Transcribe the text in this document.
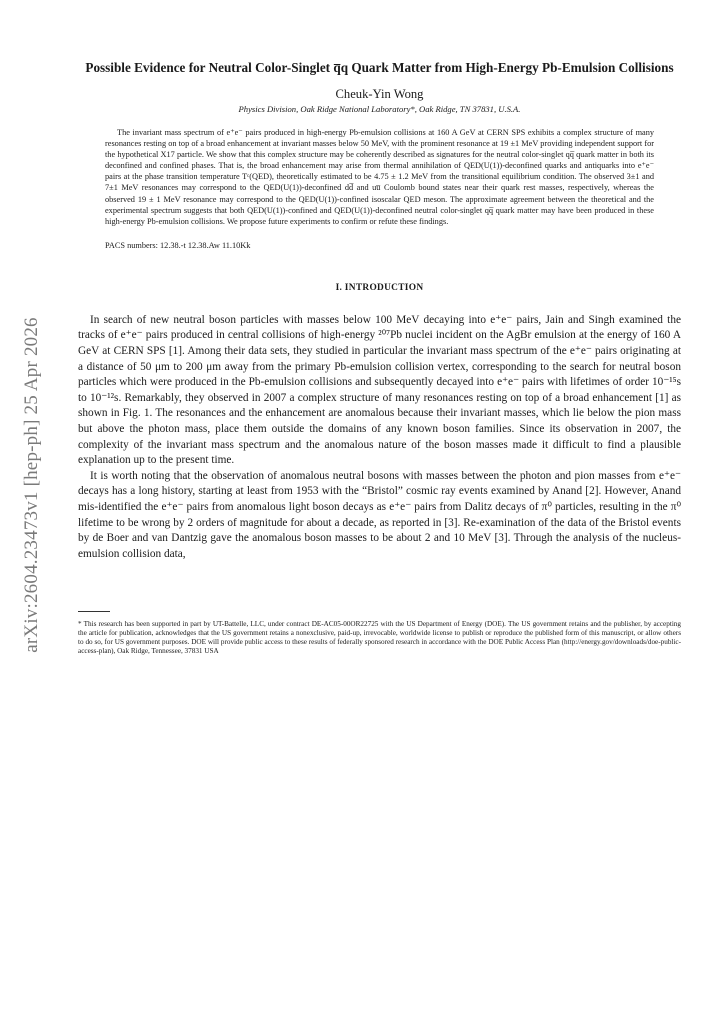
arXiv:2604.23473v1 [hep-ph] 25 Apr 2026
Possible Evidence for Neutral Color-Singlet q̅q Quark Matter from High-Energy Pb-Emulsion Collisions
Cheuk-Yin Wong
Physics Division, Oak Ridge National Laboratory*, Oak Ridge, TN 37831, U.S.A.
The invariant mass spectrum of e⁺e⁻ pairs produced in high-energy Pb-emulsion collisions at 160 A GeV at CERN SPS exhibits a complex structure of many resonances resting on top of a broad enhancement at invariant masses below 50 MeV, with the prominent resonance at 19 ±1 MeV providing independent support for the hypothetical X17 particle. We show that this complex structure may be coherently described as signatures for the neutral color-singlet qq̅ quark matter in both its deconfined and confined phases. That is, the broad enhancement may arise from thermal annihilation of QED(U(1))-deconfined quarks and antiquarks into e⁺e⁻ pairs at the phase transition temperature Tᶜ(QED), theoretically estimated to be 4.75 ± 1.2 MeV from the transitional equilibrium condition. The observed 3±1 and 7±1 MeV resonances may correspond to the QED(U(1))-deconfined dd̅ and uu̅ Coulomb bound states near their quark rest masses, respectively, whereas the observed 19 ± 1 MeV resonance may correspond to the QED(U(1))-confined isoscalar QED meson. The approximate agreement between the theoretical and the experimental spectrum suggests that both QED(U(1))-confined and QED(U(1))-deconfined neutral color-singlet qq̅ quark matter may have been produced in these high-energy Pb-emulsion collisions. We propose future experiments to confirm or refute these findings.
PACS numbers: 12.38.-t 12.38.Aw 11.10Kk
I. INTRODUCTION

In search of new neutral boson particles with masses below 100 MeV decaying into e⁺e⁻ pairs, Jain and Singh examined the tracks of e⁺e⁻ pairs produced in central collisions of high-energy ²⁰⁷Pb nuclei incident on the AgBr emulsion at the energy of 160 A GeV at CERN SPS [1]. Among their data sets, they studied in particular the invariant mass spectrum of the e⁺e⁻ pairs originating at a distance of 50 μm to 200 μm away from the primary Pb-emulsion collision vertex, corresponding to the search for neutral boson particles which were produced in the Pb-emulsion collisions and subsequently decayed into e⁺e⁻ pairs with lifetimes of order 10⁻¹⁵s to 10⁻¹²s. Remarkably, they observed in 2007 a complex structure of many resonances resting on top of a broad enhancement [1] as shown in Fig. 1. The resonances and the enhancement are anomalous because their invariant masses, which lie below the pion mass but above the photon mass, place them outside the domains of any known boson families. Since its observation in 2007, the complexity of the invariant mass spectrum and the anomalous nature of the boson masses made it difficult to find a plausible explanation up to the present time.

It is worth noting that the observation of anomalous neutral bosons with masses between the photon and pion masses from e⁺e⁻ decays has a long history, starting at least from 1953 with the “Bristol” cosmic ray events examined by Anand [2]. However, Anand mis-identified the e⁺e⁻ pairs from anomalous light boson decays as e⁺e⁻ pairs from Dalitz decays of π⁰ particles, resulting in the π⁰ lifetime to be wrong by 2 orders of magnitude for about a decade, as reported in [3]. Re-examination of the data of the Bristol events by de Boer and van Dantzig gave the anomalous boson masses to be about 2 and 10 MeV [3]. Through the analysis of the nucleus-emulsion collision data,

* This research has been supported in part by UT-Battelle, LLC, under contract DE-AC05-00OR22725 with the US Department of Energy (DOE). The US government retains and the publisher, by accepting the article for publication, acknowledges that the US government retains a nonexclusive, paid-up, irrevocable, worldwide license to publish or reproduce the published form of this manuscript, or allow others to do so, for US government purposes. DOE will provide public access to these results of federally sponsored research in accordance with the DOE Public Access Plan (http://energy.gov/downloads/doe-public-access-plan), Oak Ridge, Tennessee, 37831 USA
